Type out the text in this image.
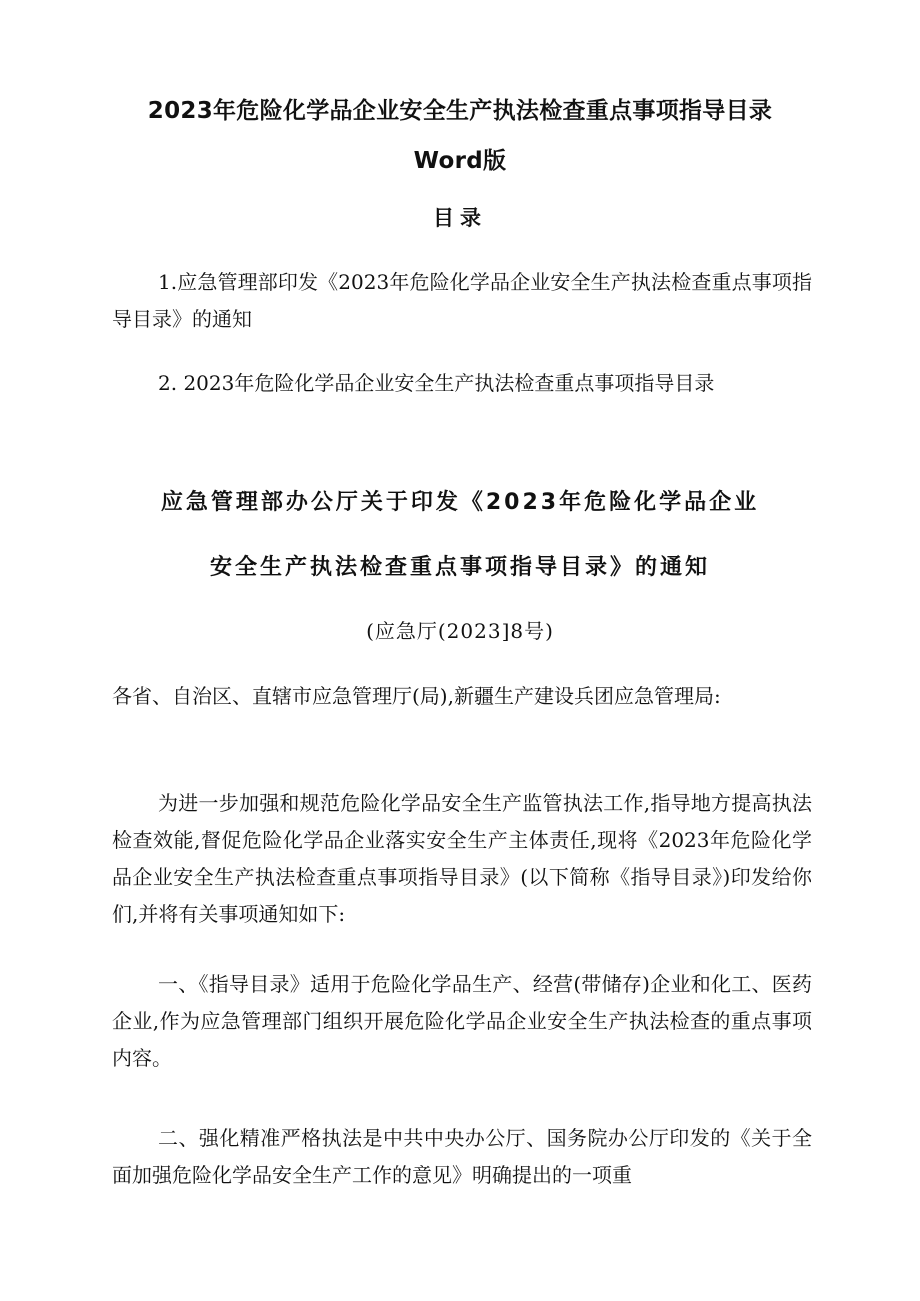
2023年危险化学品企业安全生产执法检查重点事项指导目录
Word版
目录
1.应急管理部印发《2023年危险化学品企业安全生产执法检查重点事项指导目录》的通知
2. 2023年危险化学品企业安全生产执法检查重点事项指导目录
应急管理部办公厅关于印发《2023年危险化学品企业
安全生产执法检查重点事项指导目录》的通知
(应急厅(2023]8号)
各省、自治区、直辖市应急管理厅(局),新疆生产建设兵团应急管理局:
为进一步加强和规范危险化学品安全生产监管执法工作,指导地方提高执法检查效能,督促危险化学品企业落实安全生产主体责任,现将《2023年危险化学品企业安全生产执法检查重点事项指导目录》(以下简称《指导目录》)印发给你们,并将有关事项通知如下:
一、《指导目录》适用于危险化学品生产、经营(带储存)企业和化工、医药企业,作为应急管理部门组织开展危险化学品企业安全生产执法检查的重点事项内容。
二、强化精准严格执法是中共中央办公厅、国务院办公厅印发的《关于全面加强危险化学品安全生产工作的意见》明确提出的一项重
